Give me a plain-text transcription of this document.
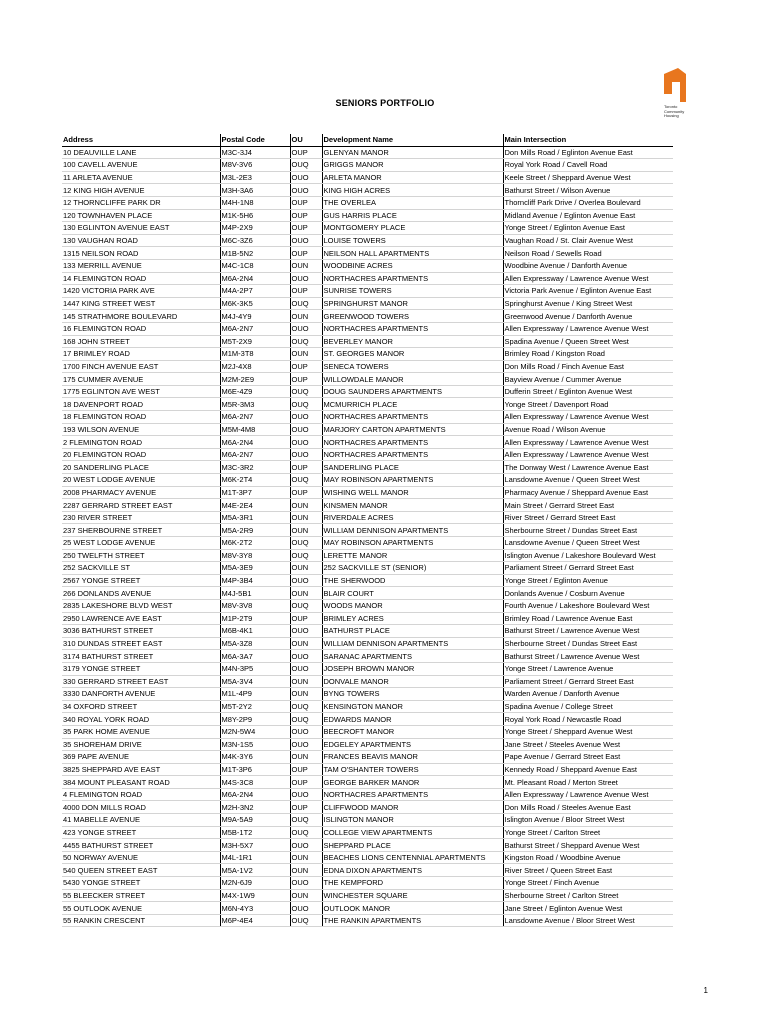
Toronto
Community
Housing
SENIORS PORTFOLIO
Address	Postal Code	OU	Development Name	Main Intersection
10 DEAUVILLE LANE	M3C-3J4	OUP	GLENYAN MANOR	Don Mills Road / Eglinton Avenue East
100 CAVELL AVENUE	M8V-3V6	OUQ	GRIGGS MANOR	Royal York Road / Cavell Road
11 ARLETA AVENUE	M3L-2E3	OUO	ARLETA MANOR	Keele Street / Sheppard Avenue West
12 KING HIGH AVENUE	M3H-3A6	OUO	KING HIGH ACRES	Bathurst Street / Wilson Avenue
12 THORNCLIFFE PARK DR	M4H-1N8	OUP	THE OVERLEA	Thorncliff Park Drive / Overlea Boulevard
120 TOWNHAVEN PLACE	M1K-5H6	OUP	GUS HARRIS PLACE	Midland Avenue / Eglinton Avenue East
130 EGLINTON AVENUE EAST	M4P-2X9	OUP	MONTGOMERY PLACE	Yonge Street / Eglinton Avenue East
130 VAUGHAN ROAD	M6C-3Z6	OUO	LOUISE TOWERS	Vaughan Road / St. Clair Avenue West
1315 NEILSON ROAD	M1B-5N2	OUP	NEILSON HALL APARTMENTS	Neilson Road / Sewells Road
133 MERRILL AVENUE	M4C-1C8	OUN	WOODBINE ACRES	Woodbine Avenue / Danforth Avenue
14 FLEMINGTON ROAD	M6A-2N4	OUO	NORTHACRES APARTMENTS	Allen Expressway / Lawrence Avenue West
1420 VICTORIA PARK AVE	M4A-2P7	OUP	SUNRISE TOWERS	Victoria Park Avenue / Eglinton Avenue East
1447 KING STREET WEST	M6K-3K5	OUQ	SPRINGHURST MANOR	Springhurst Avenue / King Street West
145 STRATHMORE BOULEVARD	M4J-4Y9	OUN	GREENWOOD TOWERS	Greenwood Avenue / Danforth Avenue
16 FLEMINGTON ROAD	M6A-2N7	OUO	NORTHACRES APARTMENTS	Allen Expressway / Lawrence Avenue West
168 JOHN STREET	M5T-2X9	OUQ	BEVERLEY MANOR	Spadina Avenue / Queen Street West
17 BRIMLEY ROAD	M1M-3T8	OUN	ST. GEORGES MANOR	Brimley Road / Kingston Road
1700 FINCH AVENUE EAST	M2J-4X8	OUP	SENECA TOWERS	Don Mills Road / Finch Avenue East
175 CUMMER AVENUE	M2M-2E9	OUP	WILLOWDALE MANOR	Bayview Avenue / Cummer Avenue
1775 EGLINTON AVE WEST	M6E-4Z9	OUQ	DOUG SAUNDERS APARTMENTS	Dufferin Street / Eglinton Avenue West
18 DAVENPORT ROAD	M5R-3M3	OUQ	MCMURRICH PLACE	Yonge Street / Davenport Road
18 FLEMINGTON ROAD	M6A-2N7	OUO	NORTHACRES APARTMENTS	Allen Expressway / Lawrence Avenue West
193 WILSON AVENUE	M5M-4M8	OUO	MARJORY CARTON APARTMENTS	Avenue Road / Wilson Avenue
2 FLEMINGTON ROAD	M6A-2N4	OUO	NORTHACRES APARTMENTS	Allen Expressway / Lawrence Avenue West
20 FLEMINGTON ROAD	M6A-2N7	OUO	NORTHACRES APARTMENTS	Allen Expressway / Lawrence Avenue West
20 SANDERLING PLACE	M3C-3R2	OUP	SANDERLING PLACE	The Donway West / Lawrence Avenue East
20 WEST LODGE AVENUE	M6K-2T4	OUQ	MAY ROBINSON APARTMENTS	Lansdowne Avenue / Queen Street West
2008 PHARMACY AVENUE	M1T-3P7	OUP	WISHING WELL MANOR	Pharmacy Avenue / Sheppard Avenue East
2287 GERRARD STREET EAST	M4E-2E4	OUN	KINSMEN MANOR	Main Street / Gerrard Street East
230 RIVER STREET	M5A-3R1	OUN	RIVERDALE ACRES	River Street / Gerrard Street East
237 SHERBOURNE STREET	M5A-2R9	OUN	WILLIAM DENNISON APARTMENTS	Sherbourne Street / Dundas Street East
25 WEST LODGE AVENUE	M6K-2T2	OUQ	MAY ROBINSON APARTMENTS	Lansdowne Avenue / Queen Street West
250 TWELFTH STREET	M8V-3Y8	OUQ	LERETTE MANOR	Islington Avenue / Lakeshore Boulevard West
252 SACKVILLE ST	M5A-3E9	OUN	252 SACKVILLE ST (SENIOR)	Parliament Street / Gerrard Street East
2567 YONGE STREET	M4P-3B4	OUO	THE SHERWOOD	Yonge Street / Eglinton Avenue
266 DONLANDS AVENUE	M4J-5B1	OUN	BLAIR COURT	Donlands Avenue / Cosburn Avenue
2835 LAKESHORE BLVD WEST	M8V-3V8	OUQ	WOODS MANOR	Fourth Avenue / Lakeshore Boulevard West
2950 LAWRENCE AVE EAST	M1P-2T9	OUP	BRIMLEY ACRES	Brimley Road / Lawrence Avenue East
3036 BATHURST STREET	M6B-4K1	OUO	BATHURST PLACE	Bathurst Street / Lawrence Avenue West
310 DUNDAS STREET EAST	M5A-3Z8	OUN	WILLIAM DENNISON APARTMENTS	Sherbourne Street / Dundas Street East
3174 BATHURST STREET	M6A-3A7	OUO	SARANAC APARTMENTS	Bathurst Street / Lawrence Avenue West
3179 YONGE STREET	M4N-3P5	OUO	JOSEPH BROWN MANOR	Yonge Street / Lawrence Avenue
330 GERRARD STREET EAST	M5A-3V4	OUN	DONVALE MANOR	Parliament Street / Gerrard Street East
3330 DANFORTH AVENUE	M1L-4P9	OUN	BYNG TOWERS	Warden Avenue / Danforth Avenue
34 OXFORD STREET	M5T-2Y2	OUQ	KENSINGTON MANOR	Spadina Avenue / College Street
340 ROYAL YORK ROAD	M8Y-2P9	OUQ	EDWARDS MANOR	Royal York Road / Newcastle Road
35 PARK HOME AVENUE	M2N-5W4	OUO	BEECROFT MANOR	Yonge Street / Sheppard Avenue West
35 SHOREHAM DRIVE	M3N-1S5	OUO	EDGELEY APARTMENTS	Jane Street / Steeles Avenue West
369 PAPE AVENUE	M4K-3Y6	OUN	FRANCES BEAVIS MANOR	Pape Avenue / Gerrard Street East
3825 SHEPPARD AVE EAST	M1T-3P6	OUP	TAM O'SHANTER TOWERS	Kennedy Road / Sheppard Avenue East
384 MOUNT PLEASANT ROAD	M4S-3C8	OUP	GEORGE BARKER MANOR	Mt. Pleasant Road / Merton Street
4 FLEMINGTON ROAD	M6A-2N4	OUO	NORTHACRES APARTMENTS	Allen Expressway / Lawrence Avenue West
4000 DON MILLS ROAD	M2H-3N2	OUP	CLIFFWOOD MANOR	Don Mills Road / Steeles Avenue East
41 MABELLE AVENUE	M9A-5A9	OUQ	ISLINGTON MANOR	Islington Avenue / Bloor Street West
423 YONGE STREET	M5B-1T2	OUQ	COLLEGE VIEW APARTMENTS	Yonge Street / Carlton Street
4455 BATHURST STREET	M3H-5X7	OUO	SHEPPARD PLACE	Bathurst Street / Sheppard Avenue West
50 NORWAY AVENUE	M4L-1R1	OUN	BEACHES LIONS CENTENNIAL APARTMENTS	Kingston Road / Woodbine Avenue
540 QUEEN STREET EAST	M5A-1V2	OUN	EDNA DIXON APARTMENTS	River Street / Queen Street East
5430 YONGE STREET	M2N-6J9	OUO	THE KEMPFORD	Yonge Street / Finch Avenue
55 BLEECKER STREET	M4X-1W9	OUN	WINCHESTER SQUARE	Sherbourne Street / Carlton Street
55 OUTLOOK AVENUE	M6N-4Y3	OUO	OUTLOOK MANOR	Jane Street / Eglinton Avenue West
55 RANKIN CRESCENT	M6P-4E4	OUQ	THE RANKIN APARTMENTS	Lansdowne Avenue / Bloor Street West
1
